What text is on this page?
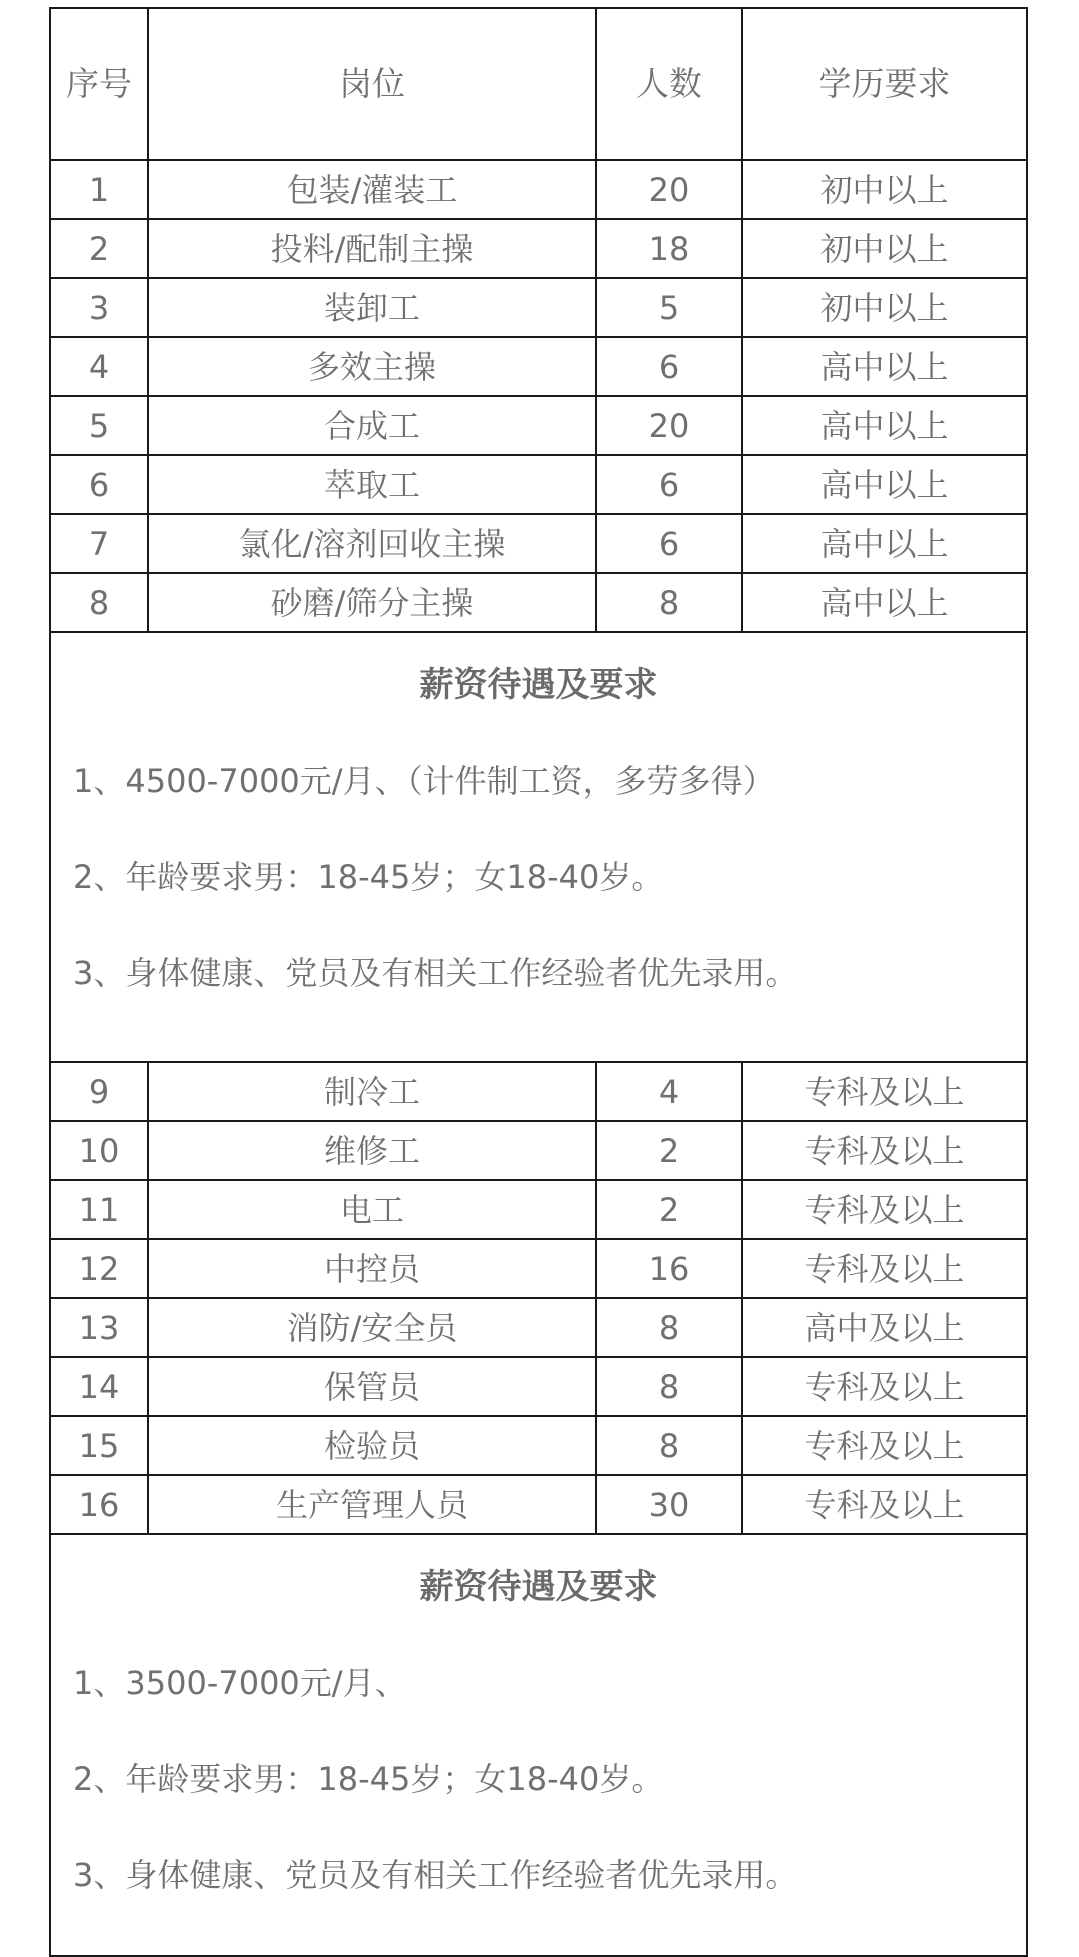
序号	岗位	人数	学历要求
1	包装/灌装工	20	初中以上
2	投料/配制主操	18	初中以上
3	装卸工	5	初中以上
4	多效主操	6	高中以上
5	合成工	20	高中以上
6	萃取工	6	高中以上
7	氯化/溶剂回收主操	6	高中以上
8	砂磨/筛分主操	8	高中以上

薪资待遇及要求
1、4500-7000元/月、（计件制工资，多劳多得）
2、年龄要求男：18-45岁；女18-40岁。
3、身体健康、党员及有相关工作经验者优先录用。			

9	制冷工	4	专科及以上
10	维修工	2	专科及以上
11	电工	2	专科及以上
12	中控员	16	专科及以上
13	消防/安全员	8	高中及以上
14	保管员	8	专科及以上
15	检验员	8	专科及以上
16	生产管理人员	30	专科及以上

薪资待遇及要求
1、3500-7000元/月、
2、年龄要求男：18-45岁；女18-40岁。
3、身体健康、党员及有相关工作经验者优先录用。			
